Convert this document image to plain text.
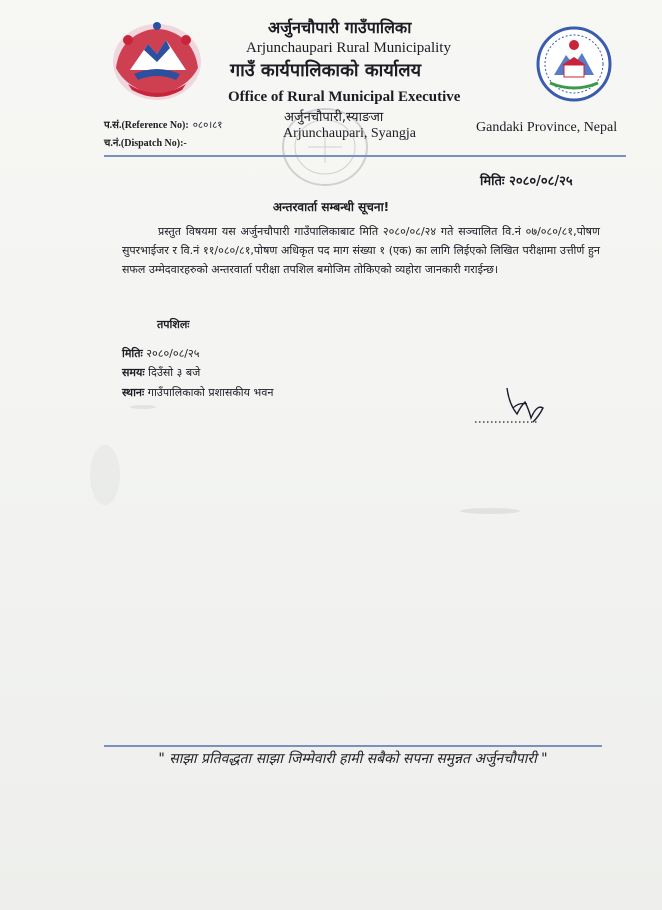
अर्जुनचौपारी गाउँपालिका
Arjunchaupari Rural Municipality
गाउँ कार्यपालिकाको कार्यालय
Office of Rural Municipal Executive
अर्जुनचौपारी,स्याङजा
Arjunchaupari, Syangja	Gandaki Province, Nepal
प.सं.(Reference No): ०८०।८१
च.नं.(Dispatch No):-
मितिः २०८०/०८/२५
अन्तरवार्ता सम्बन्धी सूचना!
प्रस्तुत विषयमा यस अर्जुनचौपारी गाउँपालिकाबाट मिति २०८०/०८/२४ गते सञ्चालित वि.नं ०७/०८०/८१,पोषण सुपरभाईजर र वि.नं ११/०८०/८१,पोषण अधिकृत पद माग संख्या १ (एक) का लागि लिईएको लिखित परीक्षामा उत्तीर्ण हुन सफल उम्मेदवारहरुको अन्तरवार्ता परीक्षा तपशिल बमोजिम तोकिएको व्यहोरा जानकारी गराईन्छ।
तपशिलः
मितिः २०८०/०८/२५
समयः दिउँसो ३ बजे
स्थानः गाउँपालिकाको प्रशासकीय भवन
" साझा प्रतिवद्धता साझा जिम्मेवारी हामी सबैको सपना समुन्नत अर्जुनचौपारी "
